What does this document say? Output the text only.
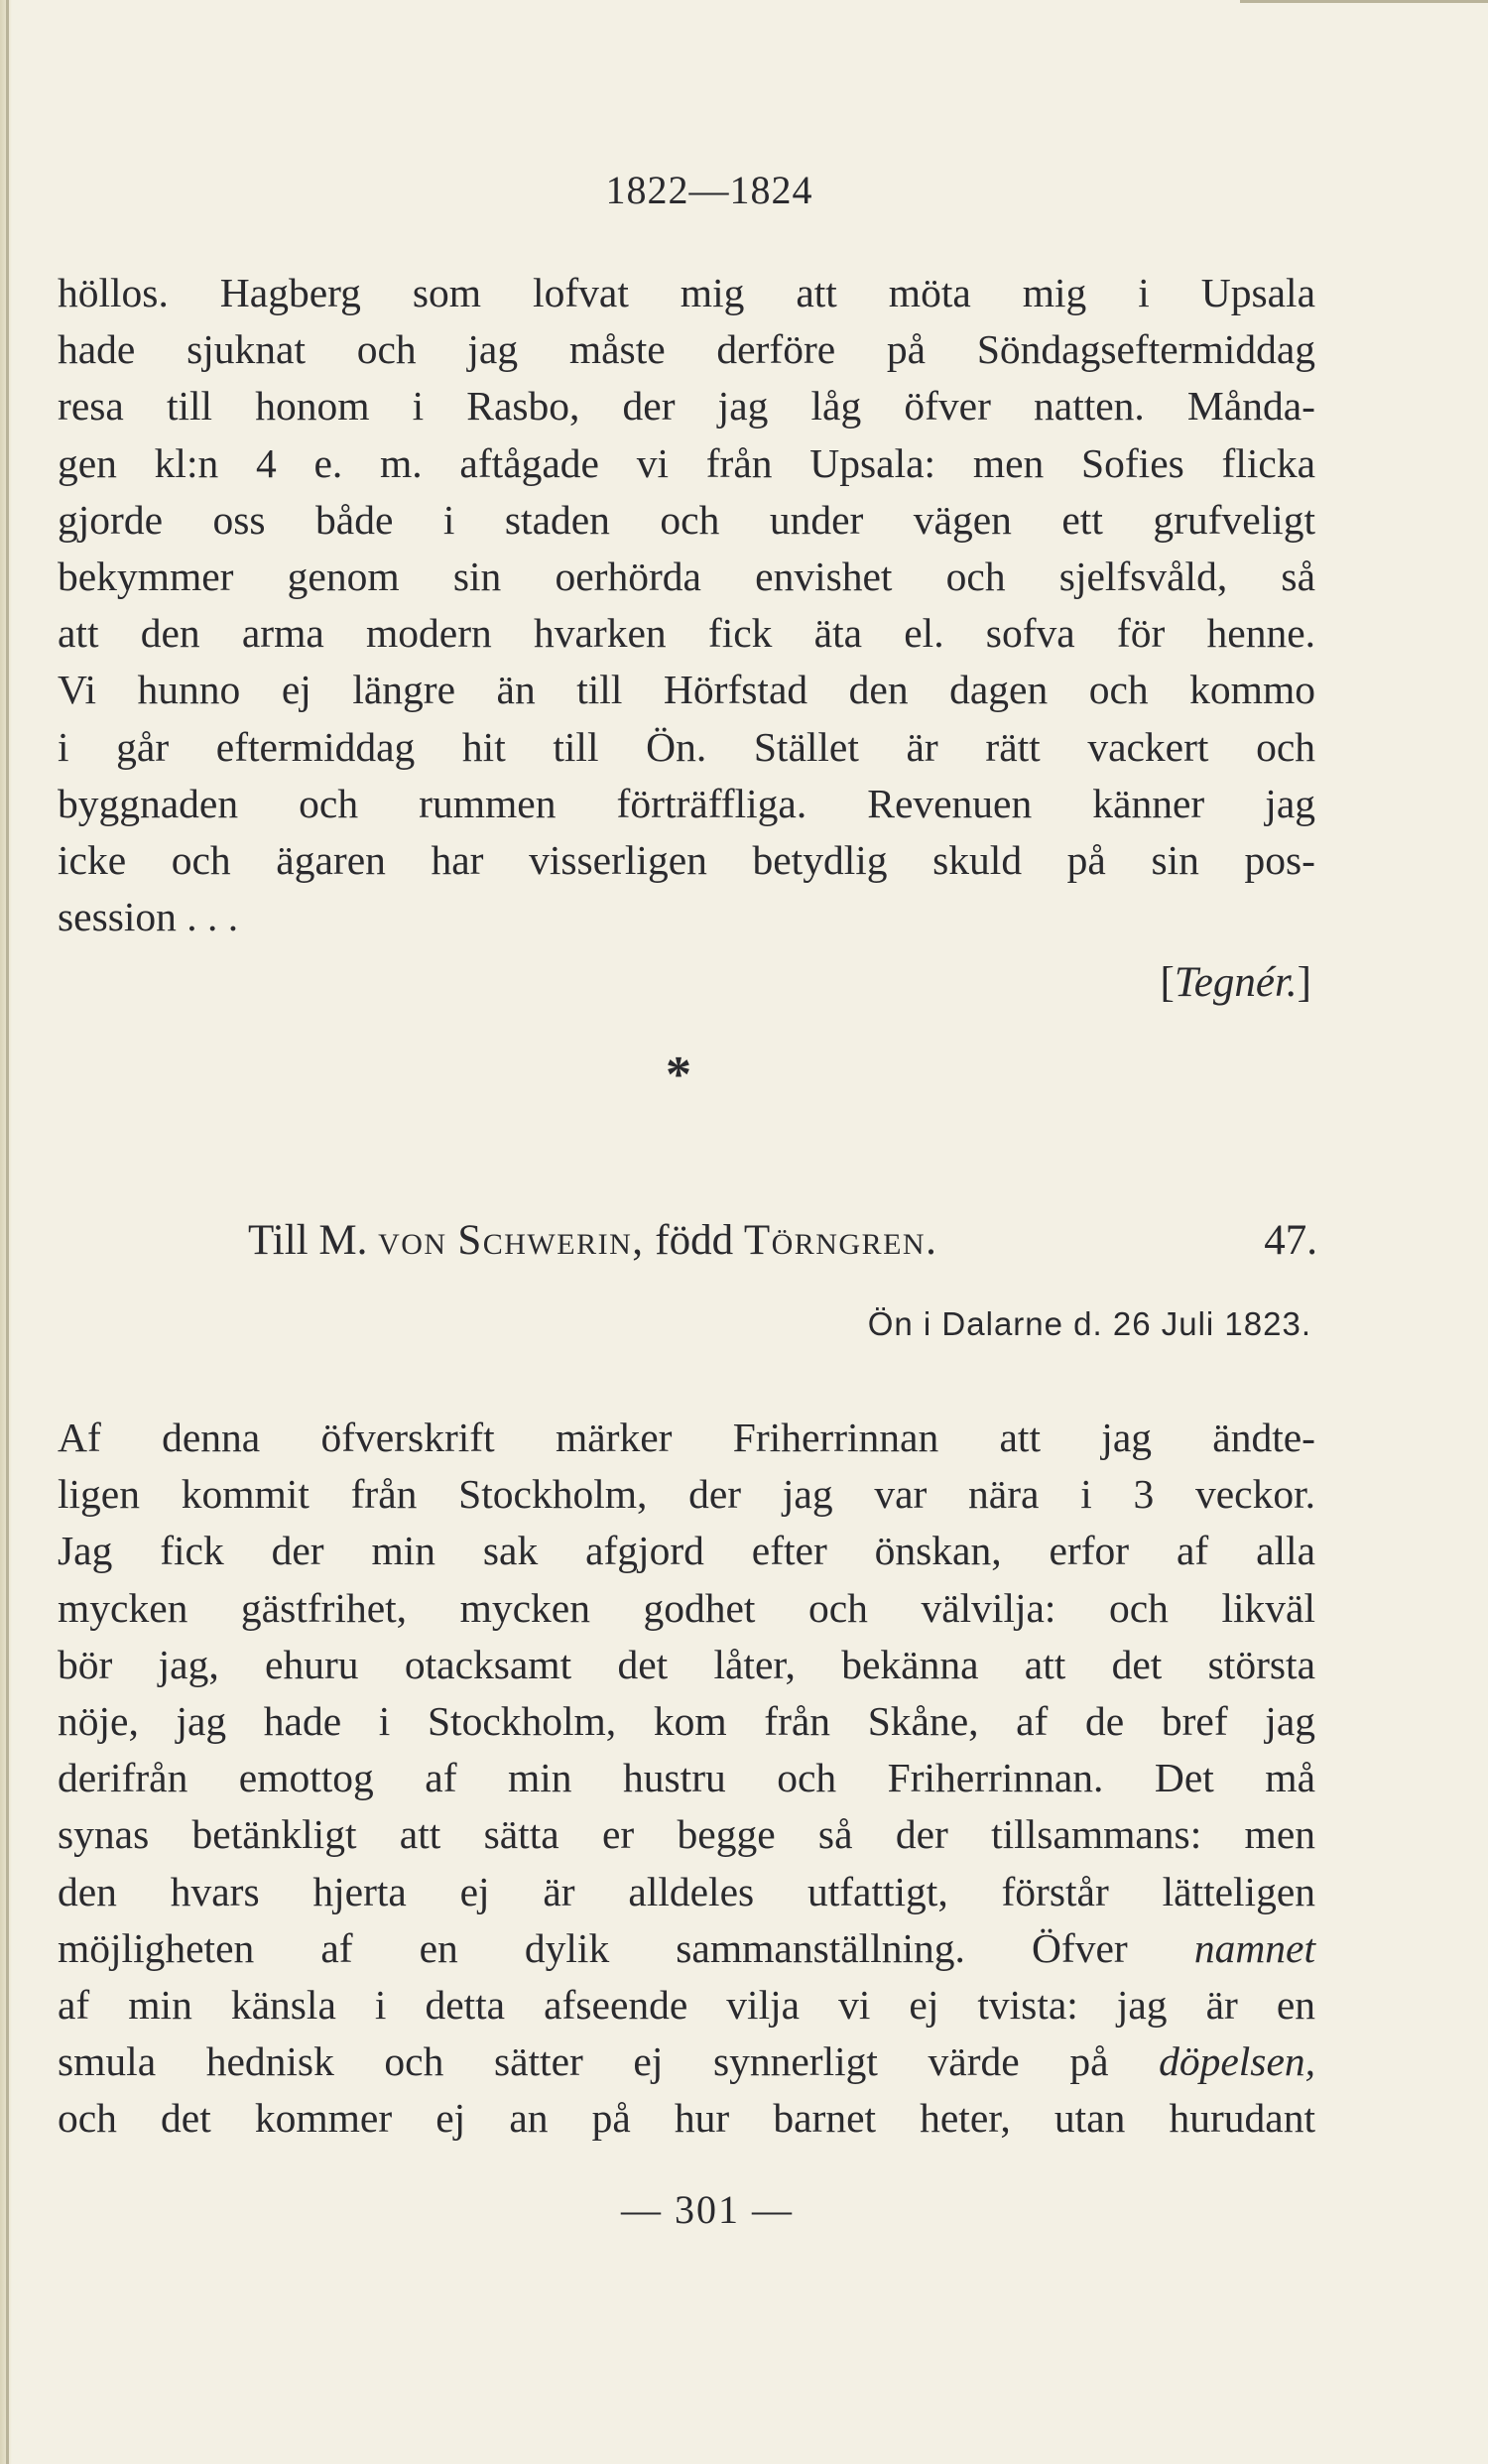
1822—1824
höllos. Hagberg som lofvat mig att möta mig i Upsala
hade sjuknat och jag måste derföre på Söndagseftermiddag
resa till honom i Rasbo, der jag låg öfver natten. Månda-
gen kl:n 4 e. m. aftågade vi från Upsala: men Sofies flicka
gjorde oss både i staden och under vägen ett grufveligt
bekymmer genom sin oerhörda envishet och sjelfsvåld, så
att den arma modern hvarken fick äta el. sofva för henne.
Vi hunno ej längre än till Hörfstad den dagen och kommo
i går eftermiddag hit till Ön. Stället är rätt vackert och
byggnaden och rummen förträffliga. Revenuen känner jag
icke och ägaren har visserligen betydlig skuld på sin pos-
session . . .
[Tegnér.]
*
Till M. von Schwerin, född Törngren.	47.
Ön i Dalarne d. 26 Juli 1823.
Af denna öfverskrift märker Friherrinnan att jag ändte-
ligen kommit från Stockholm, der jag var nära i 3 veckor.
Jag fick der min sak afgjord efter önskan, erfor af alla
mycken gästfrihet, mycken godhet och välvilja: och likväl
bör jag, ehuru otacksamt det låter, bekänna att det största
nöje, jag hade i Stockholm, kom från Skåne, af de bref jag
derifrån emottog af min hustru och Friherrinnan. Det må
synas betänkligt att sätta er begge så der tillsammans: men
den hvars hjerta ej är alldeles utfattigt, förstår lätteligen
möjligheten af en dylik sammanställning. Öfver namnet
af min känsla i detta afseende vilja vi ej tvista: jag är en
smula hednisk och sätter ej synnerligt värde på döpelsen,
och det kommer ej an på hur barnet heter, utan hurudant
— 301 —
